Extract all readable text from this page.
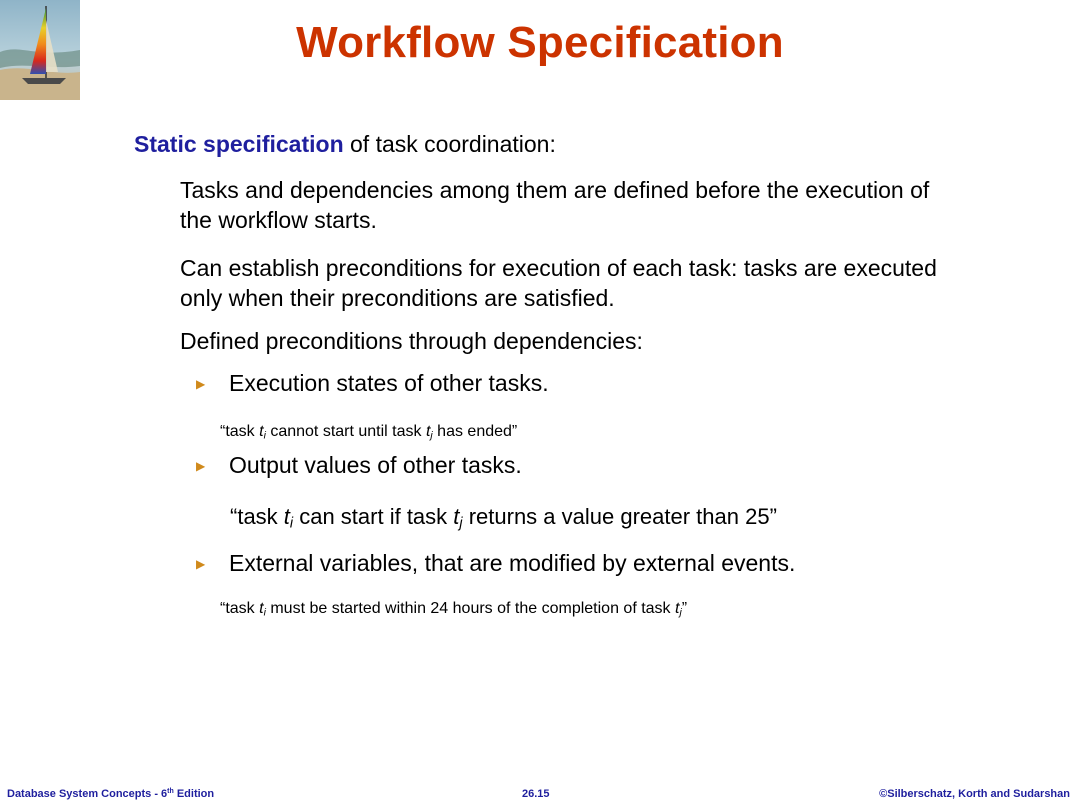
Workflow Specification
Static specification of task coordination:
Tasks and dependencies among them are defined before the execution of the workflow starts.
Can establish preconditions for execution of each task: tasks are executed only when their preconditions are satisfied.
Defined preconditions through dependencies:
▶ Execution states of other tasks.
“task $t_i$ cannot start until task $t_j$ has ended”
▶ Output values of other tasks.
“task $t_i$ can start if task $t_j$ returns a value greater than 25”
▶ External variables, that are modified by external events.
“task $t_i$ must be started within 24 hours of the completion of task $t_j$”
Database System Concepts - 6th Edition	26.15	©Silberschatz, Korth and Sudarshan
